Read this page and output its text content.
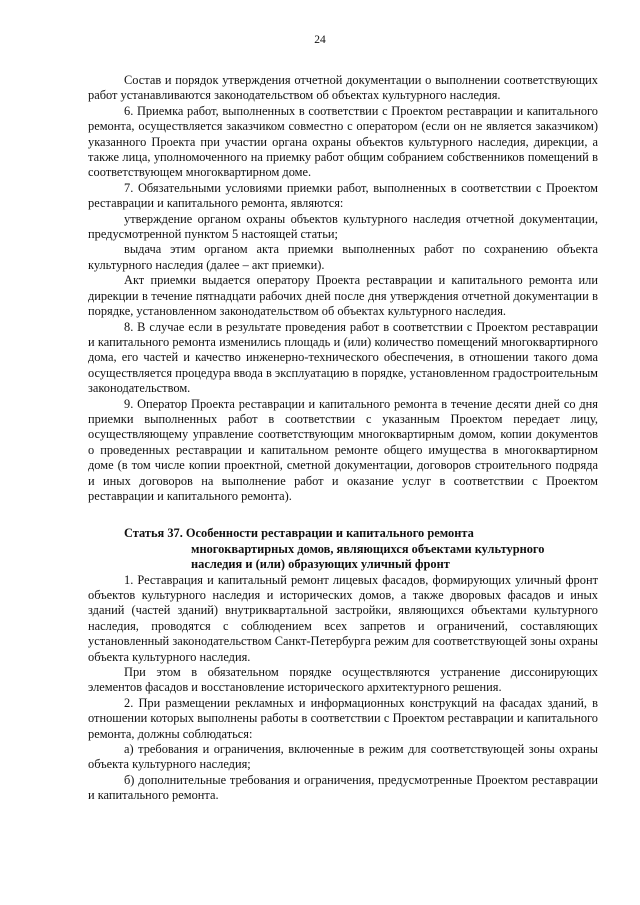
24

Состав и порядок утверждения отчетной документации о выполнении соответствующих работ устанавливаются законодательством об объектах культурного наследия.

6. Приемка работ, выполненных в соответствии с Проектом реставрации и капитального ремонта, осуществляется заказчиком совместно с оператором (если он не является заказчиком) указанного Проекта при участии органа охраны объектов культурного наследия, дирекции, а также лица, уполномоченного на приемку работ общим собранием собственников помещений в соответствующем многоквартирном доме.

7. Обязательными условиями приемки работ, выполненных в соответствии с Проектом реставрации и капитального ремонта, являются:

утверждение органом охраны объектов культурного наследия отчетной документации, предусмотренной пунктом 5 настоящей статьи;

выдача этим органом акта приемки выполненных работ по сохранению объекта культурного наследия (далее – акт приемки).

Акт приемки выдается оператору Проекта реставрации и капитального ремонта или дирекции в течение пятнадцати рабочих дней после дня утверждения отчетной документации в порядке, установленном законодательством об объектах культурного наследия.

8. В случае если в результате проведения работ в соответствии с Проектом реставрации и капитального ремонта изменились площадь и (или) количество помещений многоквартирного дома, его частей и качество инженерно-технического обеспечения, в отношении такого дома осуществляется процедура ввода в эксплуатацию в порядке, установленном градостроительным законодательством.

9. Оператор Проекта реставрации и капитального ремонта в течение десяти дней со дня приемки выполненных работ в соответствии с указанным Проектом передает лицу, осуществляющему управление соответствующим многоквартирным домом, копии документов о проведенных реставрации и капитальном ремонте общего имущества в многоквартирном доме (в том числе копии проектной, сметной документации, договоров строительного подряда и иных договоров на выполнение работ и оказание услуг в соответствии с Проектом реставрации и капитального ремонта).

Статья 37. Особенности реставрации и капитального ремонта
многоквартирных домов, являющихся объектами культурного
наследия и (или) образующих уличный фронт

1. Реставрация и капитальный ремонт лицевых фасадов, формирующих уличный фронт объектов культурного наследия и исторических домов, а также дворовых фасадов и иных зданий (частей зданий) внутриквартальной застройки, являющихся объектами культурного наследия, проводятся с соблюдением всех запретов и ограничений, составляющих установленный законодательством Санкт-Петербурга режим для соответствующей зоны охраны объекта культурного наследия.

При этом в обязательном порядке осуществляются устранение диссонирующих элементов фасадов и восстановление исторического архитектурного решения.

2. При размещении рекламных и информационных конструкций на фасадах зданий, в отношении которых выполнены работы в соответствии с Проектом реставрации и капитального ремонта, должны соблюдаться:

а) требования и ограничения, включенные в режим для соответствующей зоны охраны объекта культурного наследия;

б) дополнительные требования и ограничения, предусмотренные Проектом реставрации и капитального ремонта.
